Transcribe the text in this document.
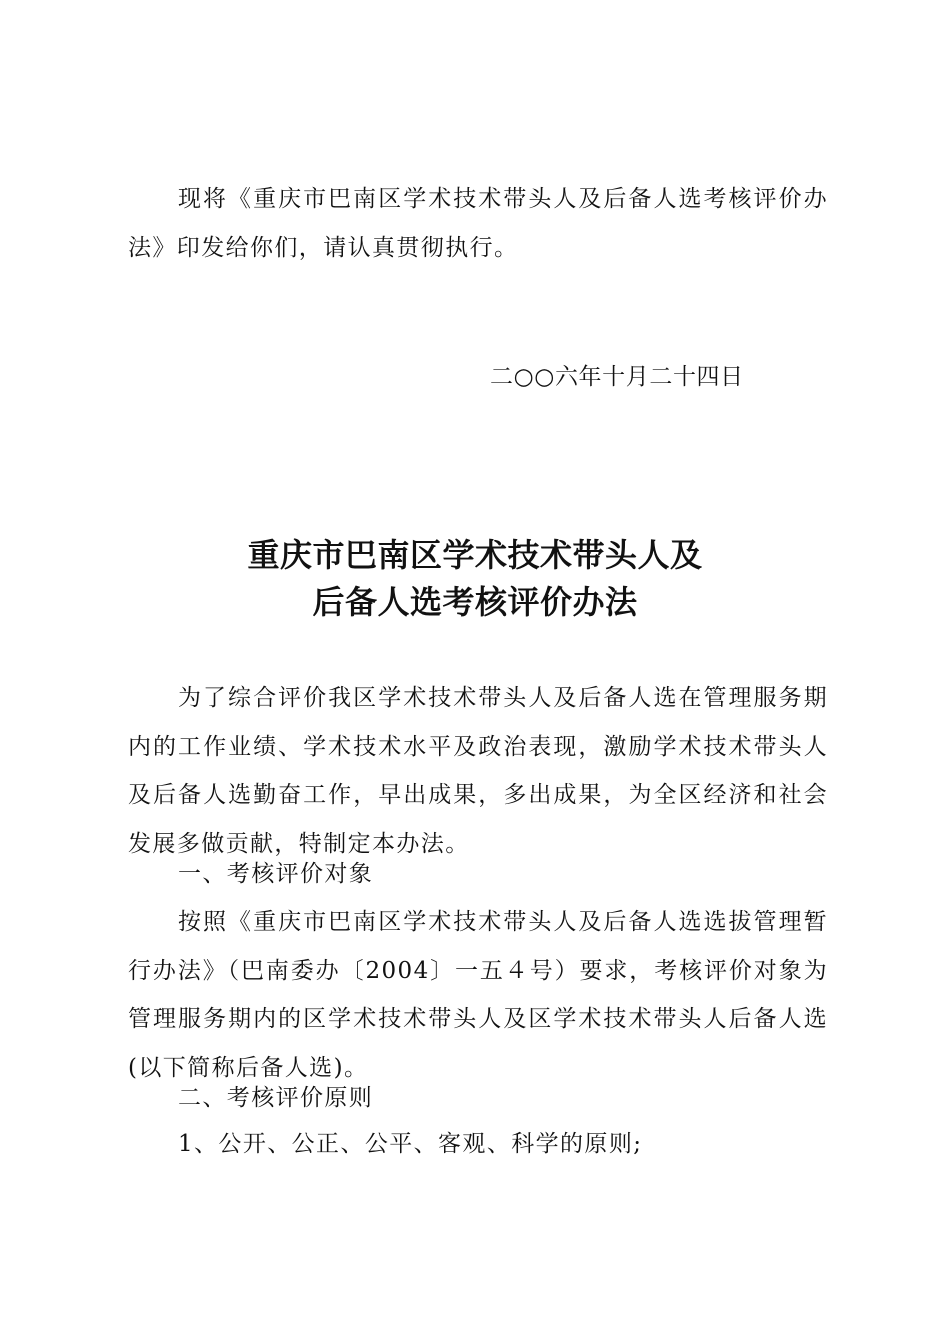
现将《重庆市巴南区学术技术带头人及后备人选考核评价办法》印发给你们，请认真贯彻执行。

二○○六年十月二十四日
重庆市巴南区学术技术带头人及
后备人选考核评价办法

为了综合评价我区学术技术带头人及后备人选在管理服务期内的工作业绩、学术技术水平及政治表现，激励学术技术带头人及后备人选勤奋工作，早出成果，多出成果，为全区经济和社会发展多做贡献，特制定本办法。

一、考核评价对象

按照《重庆市巴南区学术技术带头人及后备人选选拔管理暂行办法》（巴南委办〔2004〕一五４号）要求，考核评价对象为管理服务期内的区学术技术带头人及区学术技术带头人后备人选(以下简称后备人选)。

二、考核评价原则
1、公开、公正、公平、客观、科学的原则;
